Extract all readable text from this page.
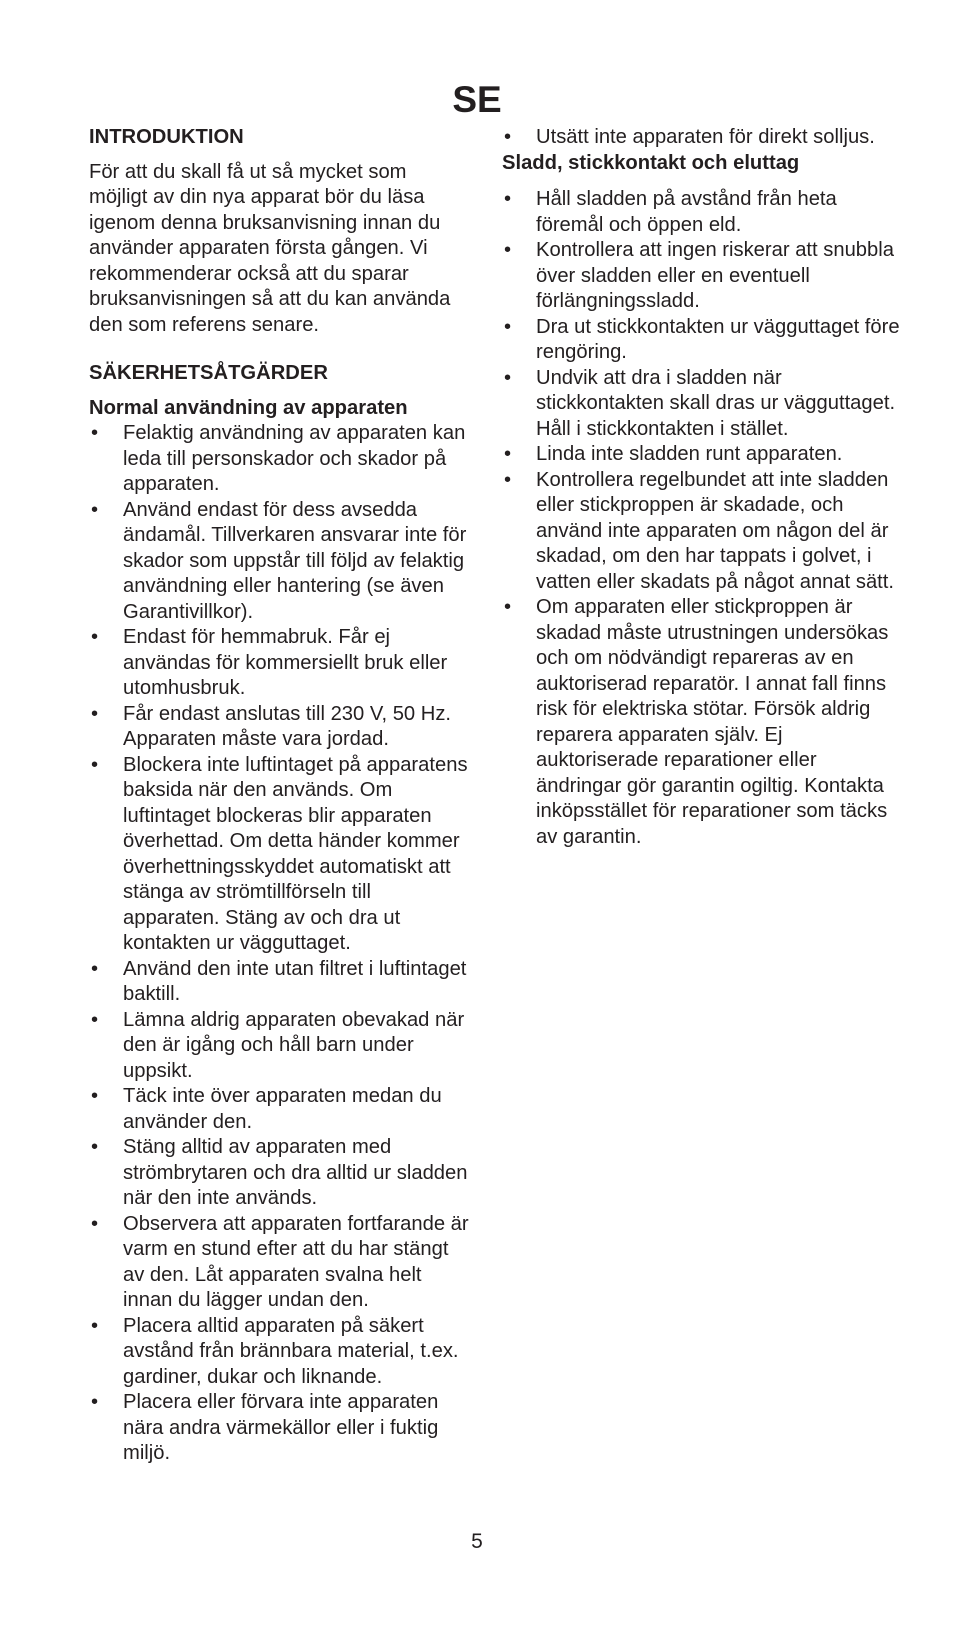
SE
INTRODUKTION
För att du skall få ut så mycket som möjligt av din nya apparat bör du läsa igenom denna bruksanvisning innan du använder apparaten första gången. Vi rekommenderar också att du sparar bruksanvisningen så att du kan använda den som referens senare.
SÄKERHETSÅTGÄRDER
Normal användning av apparaten
• Felaktig användning av apparaten kan leda till personskador och skador på apparaten.
• Använd endast för dess avsedda ändamål. Tillverkaren ansvarar inte för skador som uppstår till följd av felaktig användning eller hantering (se även Garantivillkor).
• Endast för hemmabruk. Får ej användas för kommersiellt bruk eller utomhusbruk.
• Får endast anslutas till 230 V, 50 Hz. Apparaten måste vara jordad.
• Blockera inte luftintaget på apparatens baksida när den används. Om luftintaget blockeras blir apparaten överhettad. Om detta händer kommer överhettningsskyddet automatiskt att stänga av strömtillförseln till apparaten. Stäng av och dra ut kontakten ur vägguttaget.
• Använd den inte utan filtret i luftintaget baktill.
• Lämna aldrig apparaten obevakad när den är igång och håll barn under uppsikt.
• Täck inte över apparaten medan du använder den.
• Stäng alltid av apparaten med strömbrytaren och dra alltid ur sladden när den inte används.
• Observera att apparaten fortfarande är varm en stund efter att du har stängt av den. Låt apparaten svalna helt innan du lägger undan den.
• Placera alltid apparaten på säkert avstånd från brännbara material, t.ex. gardiner, dukar och liknande.
• Placera eller förvara inte apparaten nära andra värmekällor eller i fuktig miljö.
• Utsätt inte apparaten för direkt solljus.
Sladd, stickkontakt och eluttag
• Håll sladden på avstånd från heta föremål och öppen eld.
• Kontrollera att ingen riskerar att snubbla över sladden eller en eventuell förlängningssladd.
• Dra ut stickkontakten ur vägguttaget före rengöring.
• Undvik att dra i sladden när stickkontakten skall dras ur vägguttaget. Håll i stickkontakten i stället.
• Linda inte sladden runt apparaten.
• Kontrollera regelbundet att inte sladden eller stickproppen är skadade, och använd inte apparaten om någon del är skadad, om den har tappats i golvet, i vatten eller skadats på något annat sätt.
• Om apparaten eller stickproppen är skadad måste utrustningen undersökas och om nödvändigt repareras av en auktoriserad reparatör. I annat fall finns risk för elektriska stötar. Försök aldrig reparera apparaten själv. Ej auktoriserade reparationer eller ändringar gör garantin ogiltig. Kontakta inköpsstället för reparationer som täcks av garantin.
5
